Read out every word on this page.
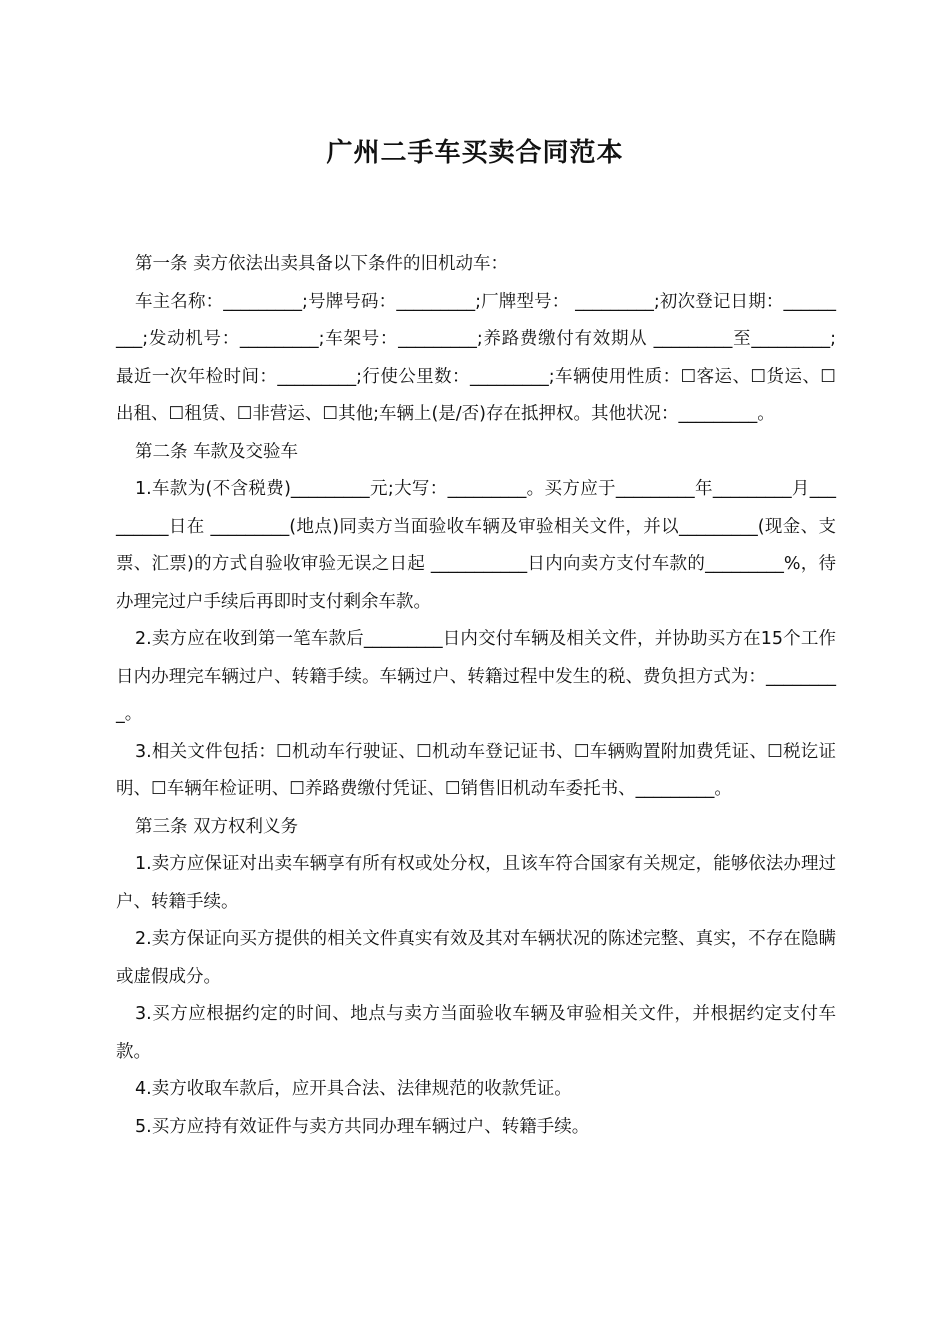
广州二手车买卖合同范本

第一条 卖方依法出卖具备以下条件的旧机动车：

车主名称：_________;号牌号码：_________;厂牌型号： _________;初次登记日期：_________;发动机号：_________;车架号：_________;养路费缴付有效期从 _________至_________;最近一次年检时间：_________;行使公里数：_________;车辆使用性质：☐客运、☐货运、☐出租、☐租赁、☐非营运、☐其他;车辆上(是/否)存在抵押权。其他状况：_________。

第二条 车款及交验车

1.车款为(不含税费)_________元;大写：_________。买方应于_________年_________月_________日在 _________(地点)同卖方当面验收车辆及审验相关文件，并以_________(现金、支票、汇票)的方式自验收审验无误之日起 ___________日内向卖方支付车款的_________%，待办理完过户手续后再即时支付剩余车款。

2.卖方应在收到第一笔车款后_________日内交付车辆及相关文件，并协助买方在15个工作日内办理完车辆过户、转籍手续。车辆过户、转籍过程中发生的税、费负担方式为：_________。

3.相关文件包括：☐机动车行驶证、☐机动车登记证书、☐车辆购置附加费凭证、☐税讫证明、☐车辆年检证明、☐养路费缴付凭证、☐销售旧机动车委托书、_________。

第三条 双方权利义务

1.卖方应保证对出卖车辆享有所有权或处分权，且该车符合国家有关规定，能够依法办理过户、转籍手续。

2.卖方保证向买方提供的相关文件真实有效及其对车辆状况的陈述完整、真实，不存在隐瞒或虚假成分。

3.买方应根据约定的时间、地点与卖方当面验收车辆及审验相关文件，并根据约定支付车款。

4.卖方收取车款后，应开具合法、法律规范的收款凭证。

5.买方应持有效证件与卖方共同办理车辆过户、转籍手续。
